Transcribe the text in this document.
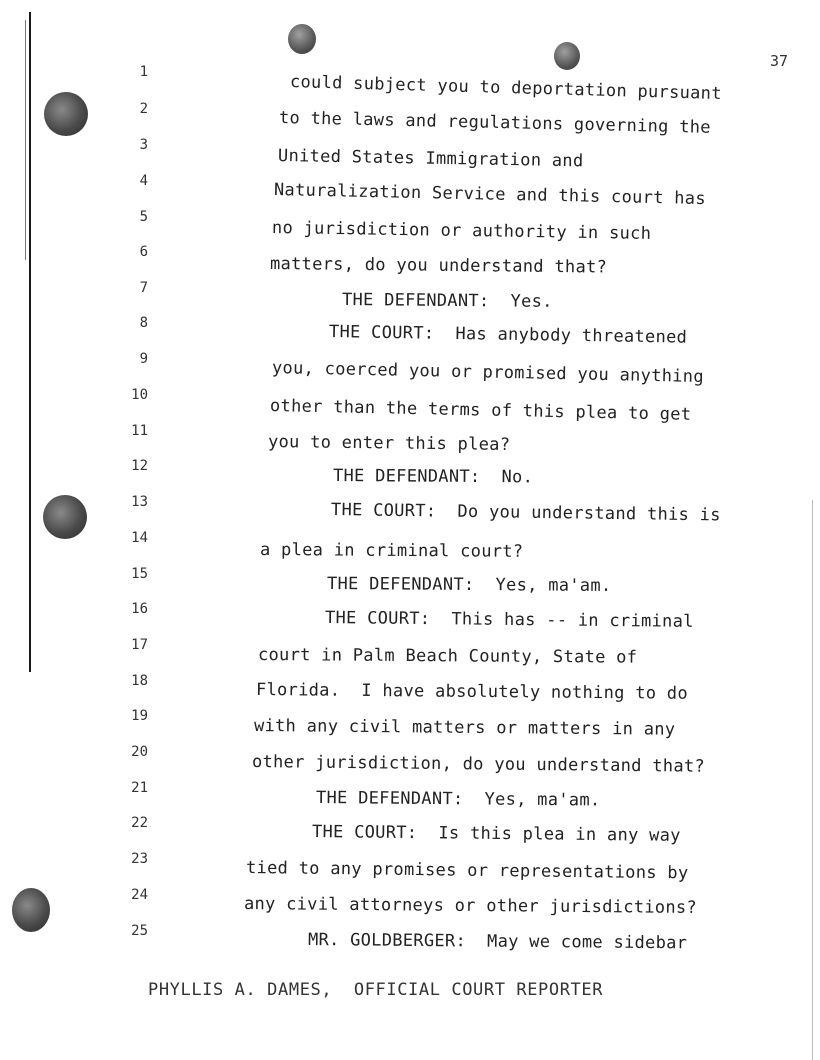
37
1
could subject you to deportation pursuant
2	to the laws and regulations governing the
3
United States Immigration and
4	Naturalization Service and this court has
5
no jurisdiction or authority in such
6
matters, do you understand that?
7
THE DEFENDANT:  Yes.
8	THE COURT:  Has anybody threatened
9	you, coerced you or promised you anything
10
other than the terms of this plea to get
11
you to enter this plea?
12
THE DEFENDANT:  No.
13	THE COURT:  Do you understand this is
14
a plea in criminal court?
15
THE DEFENDANT:  Yes, ma'am.
16	THE COURT:  This has -- in criminal
17
court in Palm Beach County, State of
18	Florida.  I have absolutely nothing to do
19
with any civil matters or matters in any
20
other jurisdiction, do you understand that?
21
THE DEFENDANT:  Yes, ma'am.
22	THE COURT:  Is this plea in any way
23	tied to any promises or representations by
24	any civil attorneys or other jurisdictions?
25	MR. GOLDBERGER:  May we come sidebar
PHYLLIS A. DAMES,  OFFICIAL COURT REPORTER
